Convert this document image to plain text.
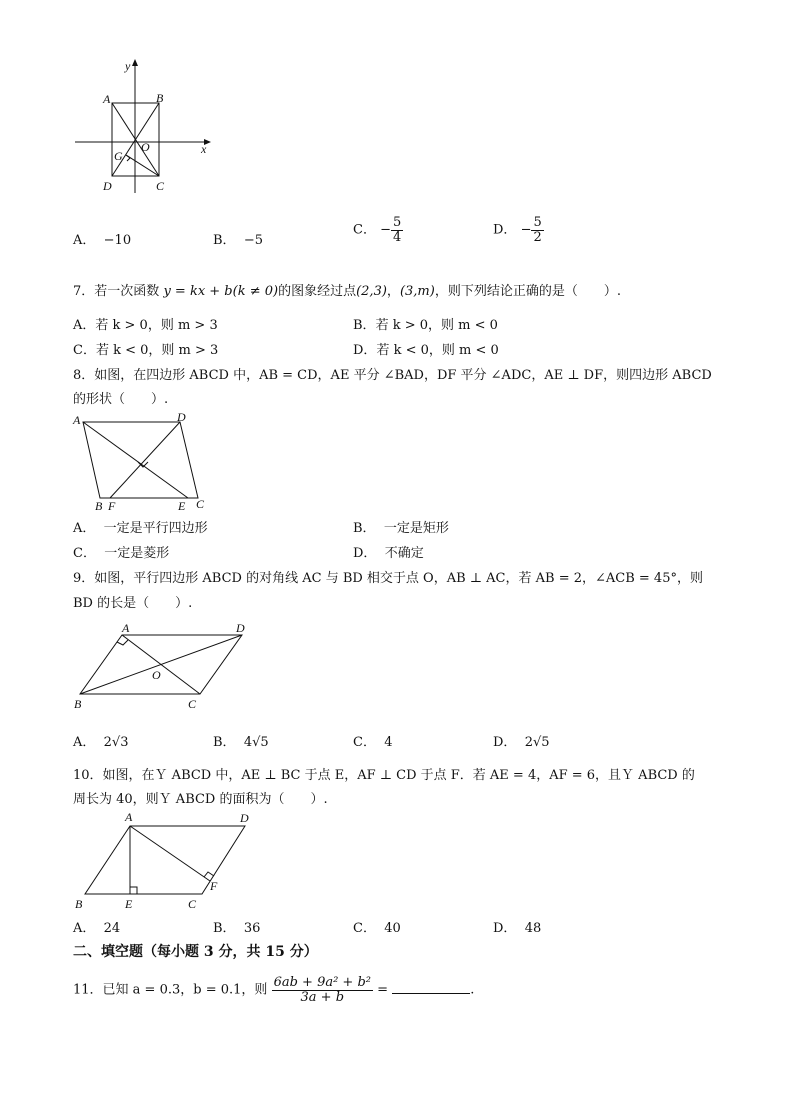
y
A	B
O
G	x
D	C
A． −10	B． −5
C． − $\frac{5}{4}$	D． − $\frac{5}{2}$
7．若一次函数 y = kx + b(k ≠ 0)的图象经过点(2,3)，(3,m)，则下列结论正确的是（　　）.
A．若 k > 0，则 m > 3	B．若 k > 0，则 m < 0
C．若 k < 0，则 m > 3	D．若 k < 0，则 m < 0
8．如图，在四边形 ABCD 中，AB = CD，AE 平分 ∠BAD，DF 平分 ∠ADC，AE ⊥ DF，则四边形 ABCD
的形状（　　）.
A	D
B F	E C
A． 一定是平行四边形	B． 一定是矩形
C． 一定是菱形	D． 不确定
9．如图，平行四边形 ABCD 的对角线 AC 与 BD 相交于点 O，AB ⊥ AC，若 AB = 2，∠ACB = 45°，则
BD 的长是（　　）.
A	D
O
B	C
A． 2√3	B． 4√5	C． 4	D． 2√5
10．如图，在Ｙ ABCD 中，AE ⊥ BC 于点 E，AF ⊥ CD 于点 F．若 AE = 4，AF = 6，且Ｙ ABCD 的
周长为 40，则Ｙ ABCD 的面积为（　　）.
A	D
F
B	E	C
A． 24	B． 36	C． 40	D． 48
二、填空题（每小题 3 分，共 15 分）
11．已知 a = 0.3，b = 0.1，则 $\frac{\text{6ab + 9a² + b²}}{3a + b}$ =	.
